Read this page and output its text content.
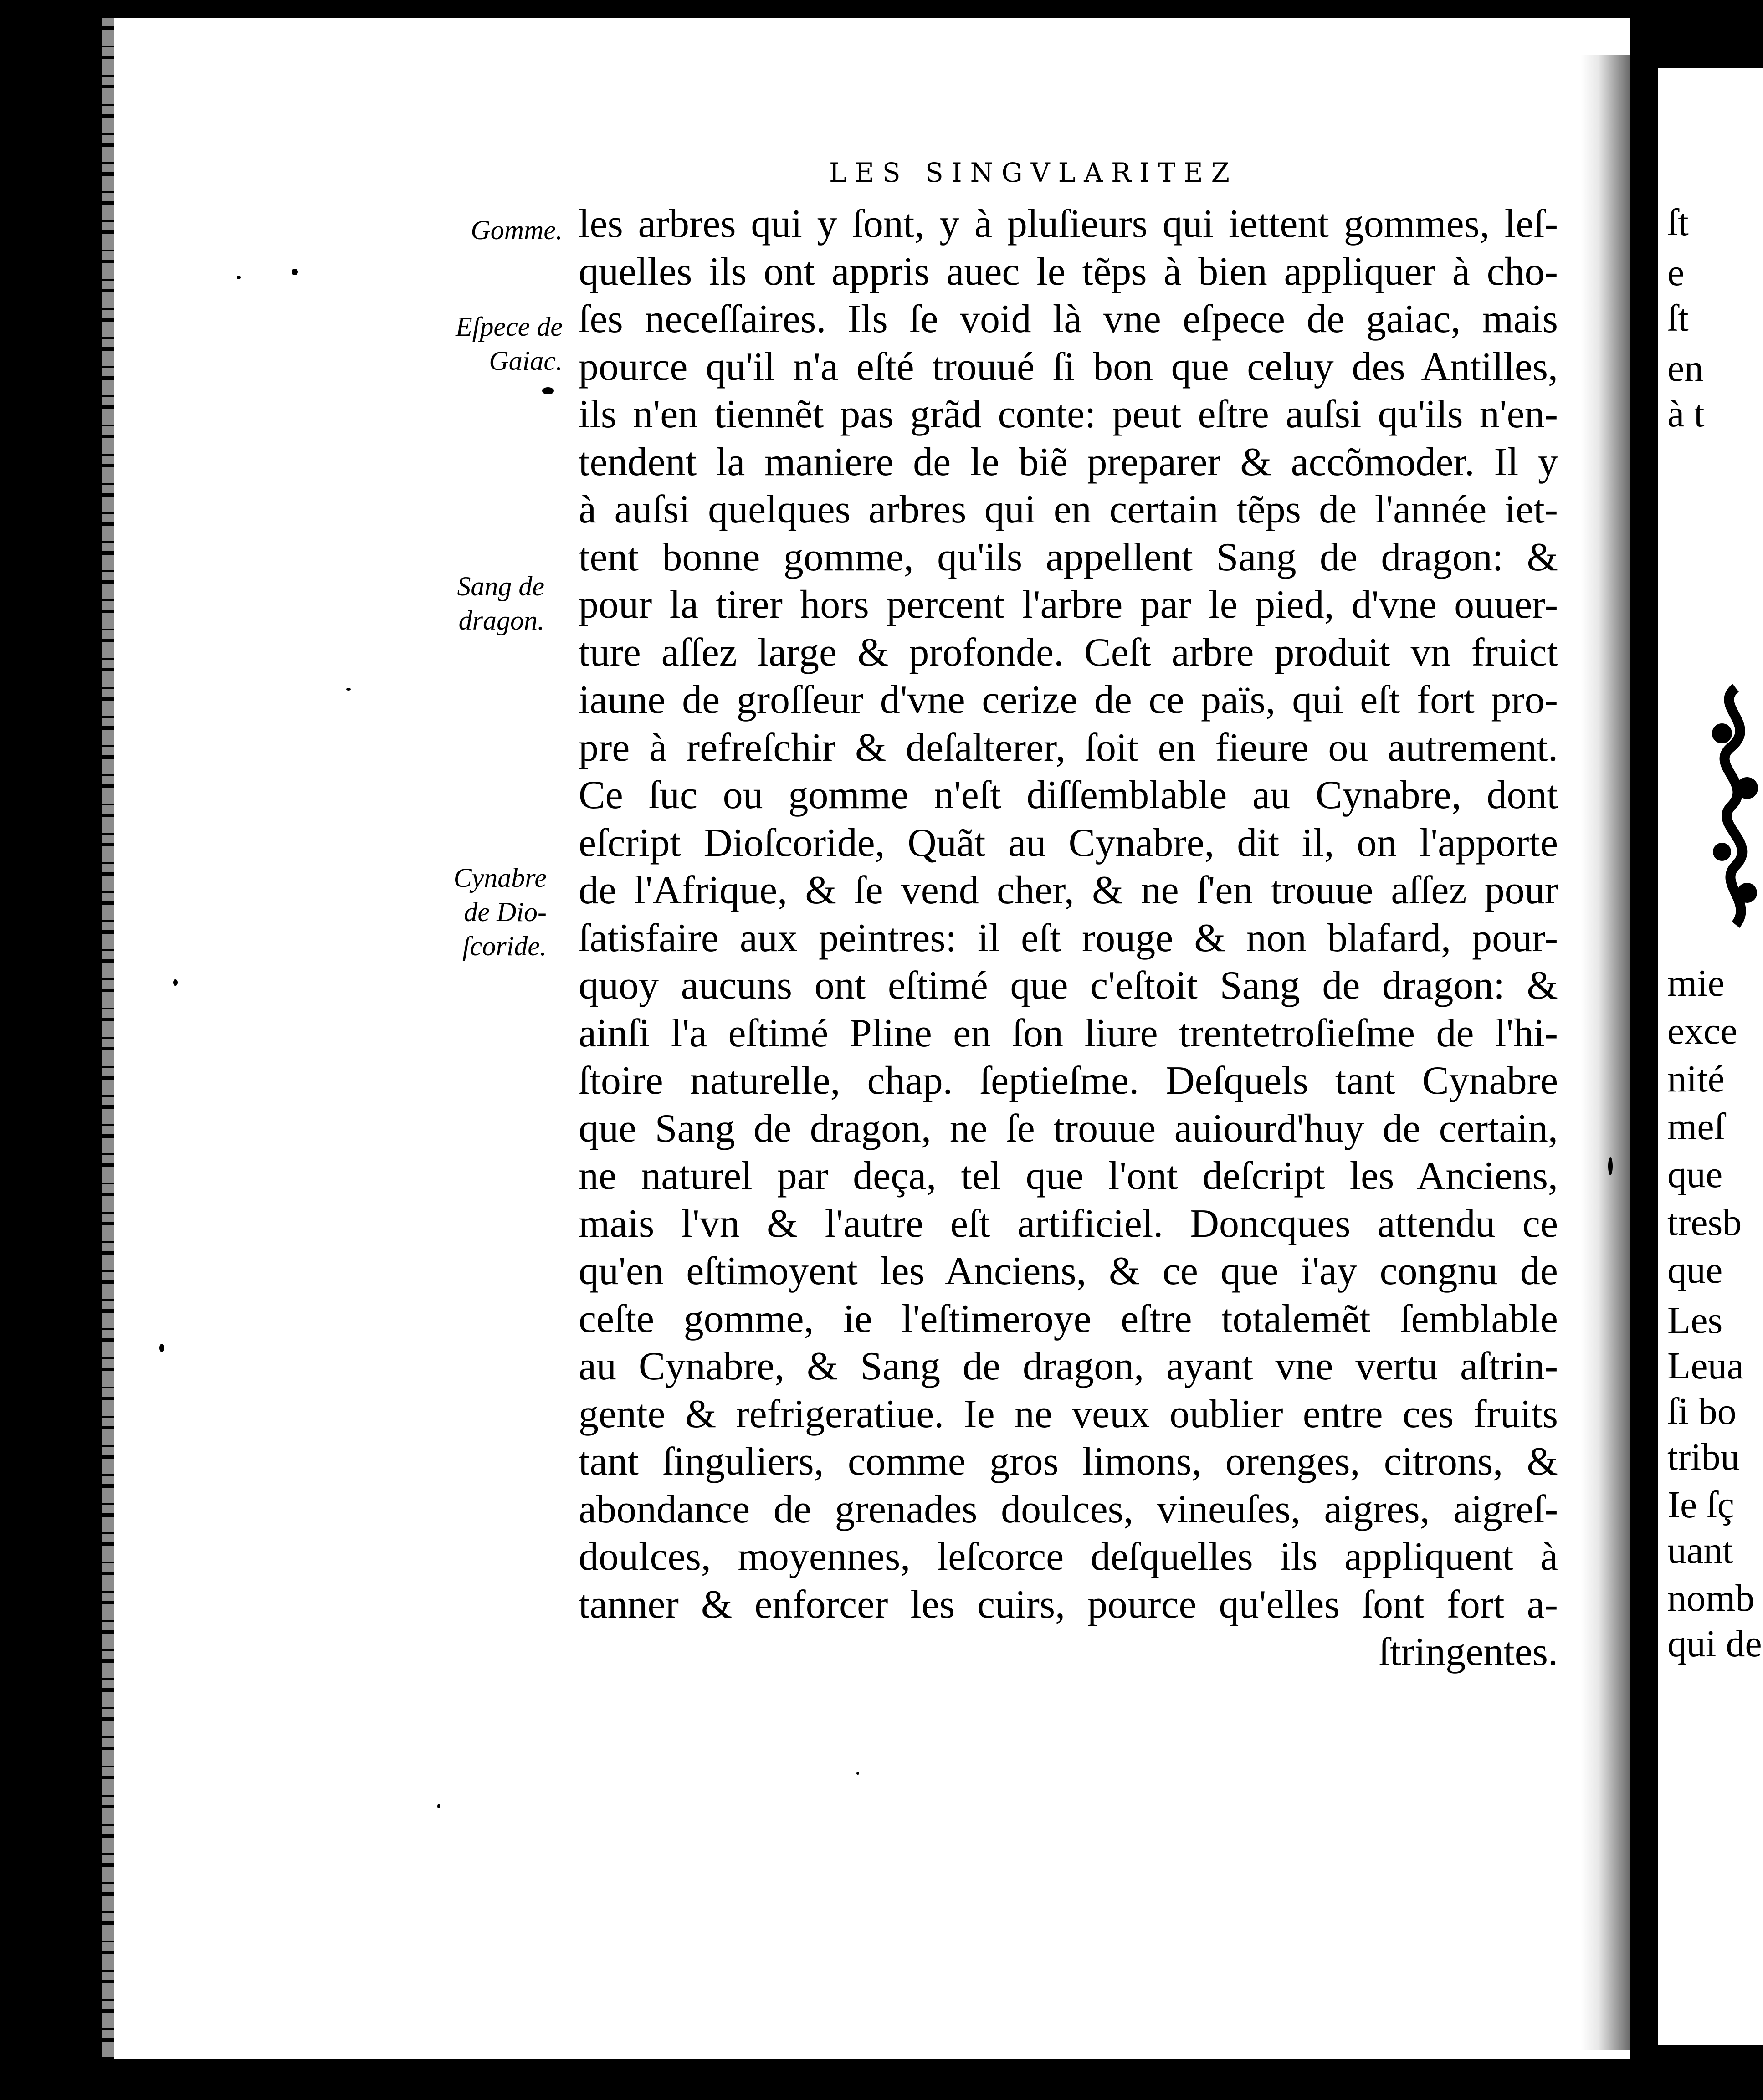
LES SINGVLARITEZ
Gomme.
Eſpece de
Gaiac.
Sang de
dragon.
Cynabre
de Dio-
ſcoride.
les arbres qui y ſont, y à pluſieurs qui iettent gommes, leſ-
quelles ils ont appris auec le tẽps à bien appliquer à cho-
ſes neceſſaires. Ils ſe void là vne eſpece de gaiac, mais
pource qu'il n'a eſté trouué ſi bon que celuy des Antilles,
ils n'en tiennẽt pas grãd conte: peut eſtre auſsi qu'ils n'en-
tendent la maniere de le biẽ preparer & accõmoder. Il y
à auſsi quelques arbres qui en certain tẽps de l'année iet-
tent bonne gomme, qu'ils appellent Sang de dragon: &
pour la tirer hors percent l'arbre par le pied, d'vne ouuer-
ture aſſez large & profonde. Ceſt arbre produit vn fruict
iaune de groſſeur d'vne cerize de ce païs, qui eſt fort pro-
pre à refreſchir & deſalterer, ſoit en fieure ou autrement.
Ce ſuc ou gomme n'eſt diſſemblable au Cynabre, dont
eſcript Dioſcoride, Quãt au Cynabre, dit il, on l'apporte
de l'Afrique, & ſe vend cher, & ne ſ'en trouue aſſez pour
ſatisfaire aux peintres: il eſt rouge & non blafard, pour-
quoy aucuns ont eſtimé que c'eſtoit Sang de dragon: &
ainſi l'a eſtimé Pline en ſon liure trentetroſieſme de l'hi-
ſtoire naturelle, chap. ſeptieſme. Deſquels tant Cynabre
que Sang de dragon, ne ſe trouue auiourd'huy de certain,
ne naturel par deça, tel que l'ont deſcript les Anciens,
mais l'vn & l'autre eſt artificiel. Doncques attendu ce
qu'en eſtimoyent les Anciens, & ce que i'ay congnu de
ceſte gomme, ie l'eſtimeroye eſtre totalemẽt ſemblable
au Cynabre, & Sang de dragon, ayant vne vertu aſtrin-
gente & refrigeratiue. Ie ne veux oublier entre ces fruits
tant ſinguliers, comme gros limons, orenges, citrons, &
abondance de grenades doulces, vineuſes, aigres, aigreſ-
doulces, moyennes, leſcorce deſquelles ils appliquent à
tanner & enforcer les cuirs, pource qu'elles ſont fort a-
ſtringentes.
ſt
e
ſt
en
à t
mie
exce
nité
meſ
que
tresb
que
Les
Leua
ſi bo
tribu
Ie ſç
uant
nomb
qui de
